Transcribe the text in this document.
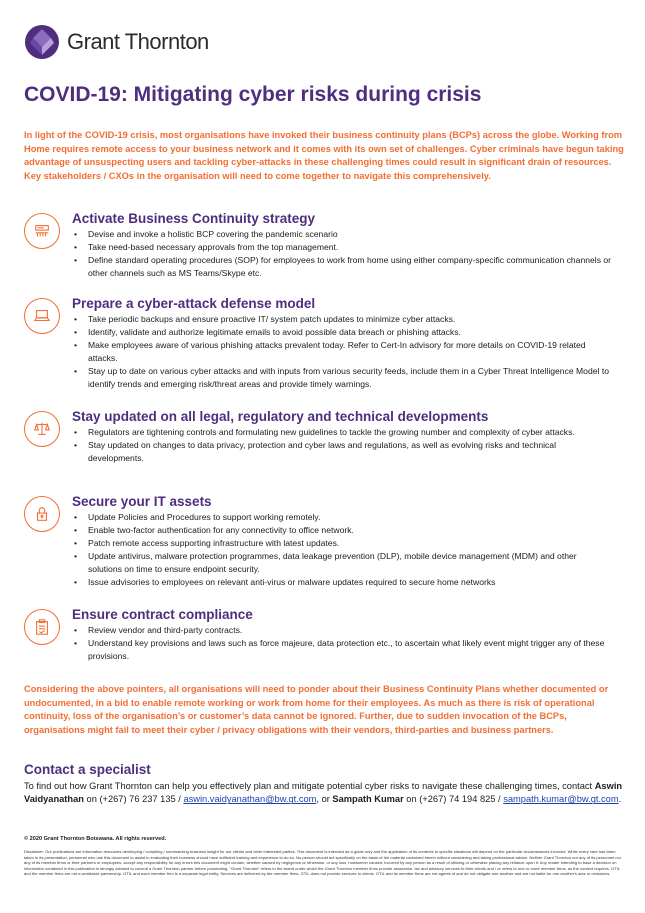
Grant Thornton
COVID-19: Mitigating cyber risks during crisis

In light of the COVID-19 crisis, most organisations have invoked their business continuity plans (BCPs) across the globe. Working from Home requires remote access to your business network and it comes with its own set of challenges. Cyber criminals have begun taking advantage of unsuspecting users and tackling cyber-attacks in these challenging times could result in significant drain of resources. Key stakeholders / CXOs in the organisation will need to come together to navigate this comprehensively.

Activate Business Continuity strategy
• Devise and invoke a holistic BCP covering the pandemic scenario
• Take need-based necessary approvals from the top management.
• Define standard operating procedures (SOP) for employees to work from home using either company-specific communication channels or other channels such as MS Teams/Skype etc.
Prepare a cyber-attack defense model
• Take periodic backups and ensure proactive IT/ system patch updates to minimize cyber attacks.
• Identify, validate and authorize legitimate emails to avoid possible data breach or phishing attacks.
• Make employees aware of various phishing attacks prevalent today. Refer to Cert-In advisory for more details on COVID-19 related attacks.
• Stay up to date on various cyber attacks and with inputs from various security feeds, include them in a Cyber Threat Intelligence Model to identify trends and emerging risk/threat areas and provide timely warnings.
Stay updated on all legal, regulatory and technical developments
• Regulators are tightening controls and formulating new guidelines to tackle the growing number and complexity of cyber attacks.
• Stay updated on changes to data privacy, protection and cyber laws and regulations, as well as evolving risks and technical developments.
Secure your IT assets
• Update Policies and Procedures to support working remotely.
• Enable two-factor authentication for any connectivity to office network.
• Patch remote access supporting infrastructure with latest updates.
• Update antivirus, malware protection programmes, data leakage prevention (DLP), mobile device management (MDM) and other solutions on time to ensure endpoint security.
• Issue advisories to employees on relevant anti-virus or malware updates required to secure home networks
Ensure contract compliance
• Review vendor and third-party contracts.
• Understand key provisions and laws such as force majeure, data protection etc., to ascertain what likely event might trigger any of these provisions.

Considering the above pointers, all organisations will need to ponder about their Business Continuity Plans whether documented or undocumented, in a bid to enable remote working or work from home for their employees. As much as there is risk of operational continuity, loss of the organisation’s or customer’s data cannot be ignored. Further, due to sudden invocation of the BCPs, organisations might fail to meet their cyber / privacy obligations with their vendors, third-parties and business partners.

Contact a specialist

To find out how Grant Thornton can help you effectively plan and mitigate potential cyber risks to navigate these challenging times, contact Aswin Vaidyanathan on (+267) 76 237 135 / aswin.vaidyanathan@bw.gt.com, or Sampath Kumar on (+267) 74 194 825 / sampath.kumar@bw.gt.com.

© 2020 Grant Thornton Botswana. All rights reserved.

Disclaimer: Our publications are information resources developing / compiling / summarizing business insight for our clients and other interested parties. This document is intended as a guide only and the application of its contents to specific situations will depend on the particular circumstances involved. While every care has been taken in its presentation, personnel who use this document to assist in evaluating their business should have sufficient training and experience to do so. No person should act specifically on the basis of the material contained herein without considering and taking professional advice. Neither Grant Thornton nor any of its personnel nor any of its member firms or their partners or employees, accept any responsibility for any errors this document might contain, whether caused by negligence or otherwise, or any loss, howsoever caused, incurred by any person as a result of utilizing or otherwise placing any reliance upon it. Any reader intending to base a decision on information contained in this publication is strongly advised to consult a Grant Thornton partner before proceeding. "Grant Thornton" refers to the brand under which the Grant Thornton member firms provide assurance, tax and advisory services to their clients and / or refers to one or more member firms, as the context requires. GTIL and the member firms are not a worldwide partnership. GTIL and each member firm is a separate legal entity. Services are delivered by the member firms. GTIL does not provide services to clients. GTIL and its member firms are not agents of and do not obligate one another and are not liable for one another's acts or omissions.
